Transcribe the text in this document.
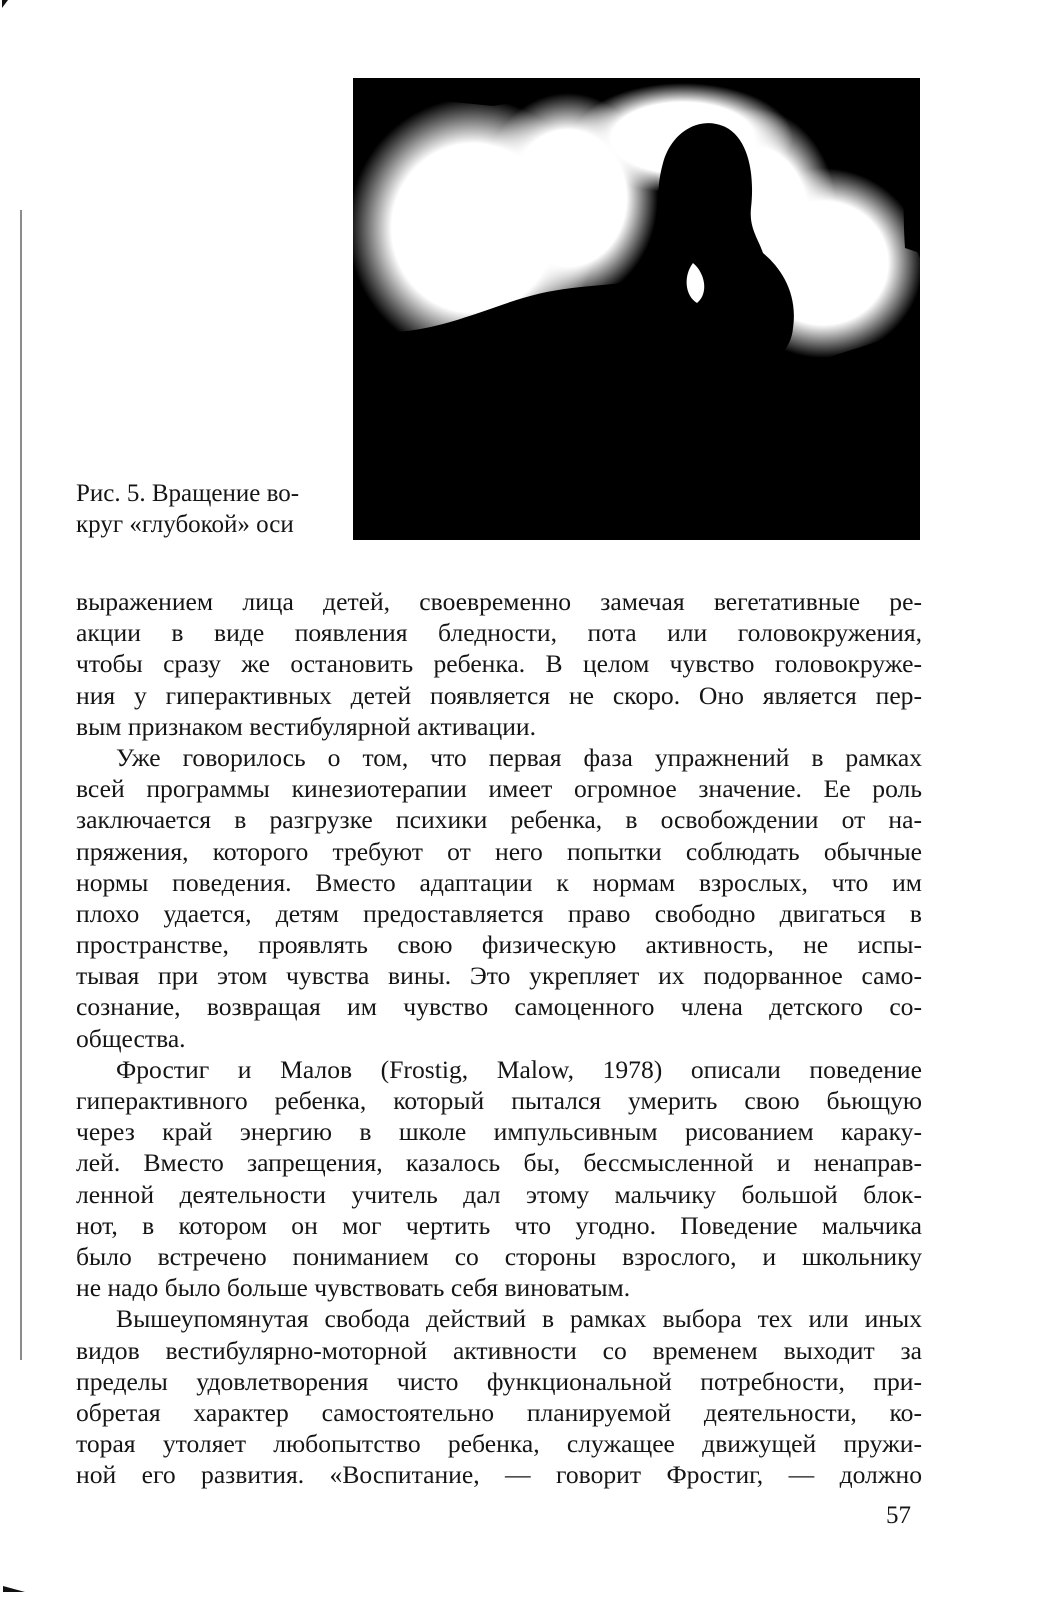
Рис. 5. Вращение во-
круг «глубокой» оси
выражением лица детей, своевременно замечая вегетативные ре-
акции в виде появления бледности, пота или головокружения,
чтобы сразу же остановить ребенка. В целом чувство головокруже-
ния у гиперактивных детей появляется не скоро. Оно является пер-
вым признаком вестибулярной активации.
Уже говорилось о том, что первая фаза упражнений в рамках
всей программы кинезиотерапии имеет огромное значение. Ее роль
заключается в разгрузке психики ребенка, в освобождении от на-
пряжения, которого требуют от него попытки соблюдать обычные
нормы поведения. Вместо адаптации к нормам взрослых, что им
плохо удается, детям предоставляется право свободно двигаться в
пространстве, проявлять свою физическую активность, не испы-
тывая при этом чувства вины. Это укрепляет их подорванное само-
сознание, возвращая им чувство самоценного члена детского со-
общества.
Фростиг и Малов (Frostig, Malow, 1978) описали поведение
гиперактивного ребенка, который пытался умерить свою бьющую
через край энергию в школе импульсивным рисованием караку-
лей. Вместо запрещения, казалось бы, бессмысленной и ненаправ-
ленной деятельности учитель дал этому мальчику большой блок-
нот, в котором он мог чертить что угодно. Поведение мальчика
было встречено пониманием со стороны взрослого, и школьнику
не надо было больше чувствовать себя виноватым.
Вышеупомянутая свобода действий в рамках выбора тех или иных
видов вестибулярно-моторной активности со временем выходит за
пределы удовлетворения чисто функциональной потребности, при-
обретая характер самостоятельно планируемой деятельности, ко-
торая утоляет любопытство ребенка, служащее движущей пружи-
ной его развития. «Воспитание, — говорит Фростиг, — должно
57
